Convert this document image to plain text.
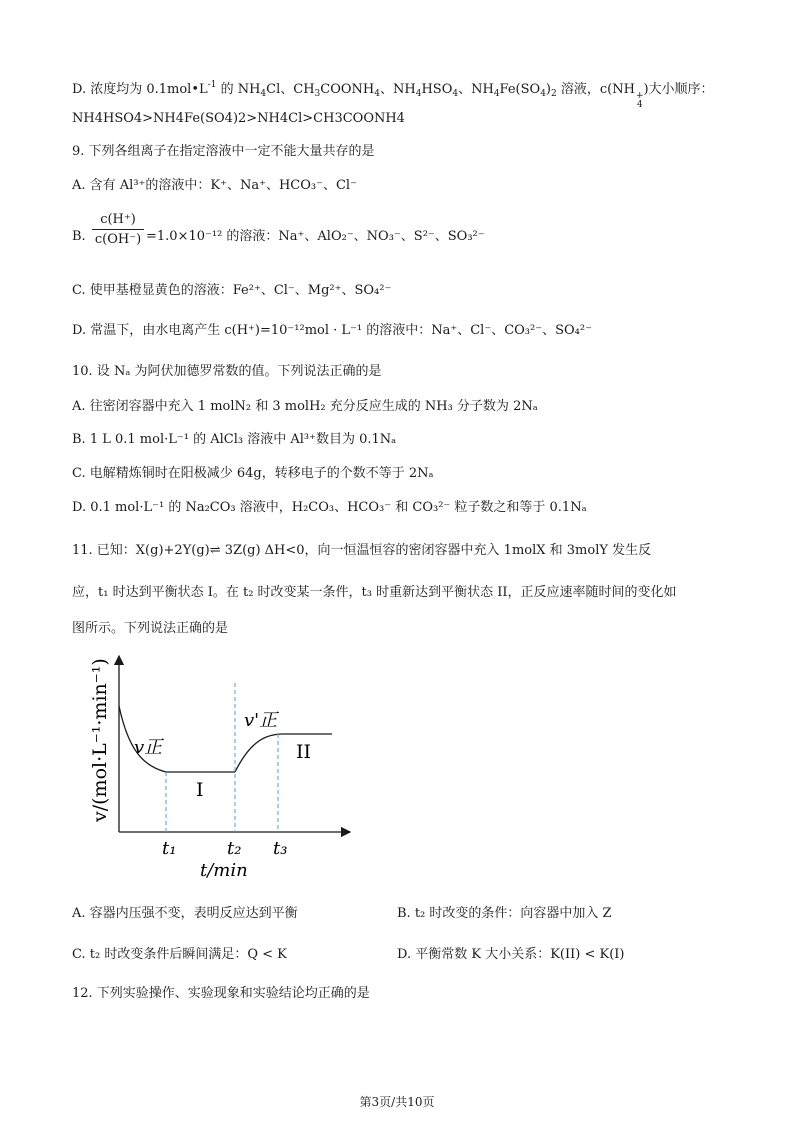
D. 浓度均为 $0.1mol•L^{-1}$ 的 $NH_4Cl$、$CH_3COONH_4$、$NH_4HSO_4$、$NH_4Fe(SO_4)_2$ 溶液，c(NH +
4
)大小顺序：
NH4HSO4>NH4Fe(SO4)2>NH4Cl>CH3COONH4
9. 下列各组离子在指定溶液中一定不能大量共存的是
A. 含有 Al³⁺的溶液中：K⁺、Na⁺、HCO₃⁻、Cl⁻
B. $\frac{c(H^+)}{c(OH^-)} =1.0\times 10^{-12}$ 的溶液：Na⁺、AlO₂⁻、NO₃⁻、S²⁻、SO₃²⁻
C. 使甲基橙显黄色的溶液：Fe²⁺、Cl⁻、Mg²⁺、SO₄²⁻
D. 常温下，由水电离产生 c(H⁺)=10⁻¹²mol · L⁻¹ 的溶液中：Na⁺、Cl⁻、CO₃²⁻、SO₄²⁻
10. 设 Nₐ 为阿伏加德罗常数的值。下列说法正确的是
A. 往密闭容器中充入 1 molN₂ 和 3 molH₂ 充分反应生成的 NH₃ 分子数为 2Nₐ
B. 1 L 0.1 mol·L⁻¹ 的 AlCl₃ 溶液中 Al³⁺数目为 0.1Nₐ
C. 电解精炼铜时在阳极减少 64g，转移电子的个数不等于 2Nₐ
D. 0.1 mol·L⁻¹ 的 Na₂CO₃ 溶液中，H₂CO₃、HCO₃⁻ 和 CO₃²⁻ 粒子数之和等于 0.1Nₐ
11. 已知：X(g)+2Y(g)⇌ 3Z(g) ΔH<0，向一恒温恒容的密闭容器中充入 1molX 和 3molY 发生反
应，t₁ 时达到平衡状态 I。在 t₂ 时改变某一条件，t₃ 时重新达到平衡状态 II，正反应速率随时间的变化如
图所示。下列说法正确的是
v/(mol·L⁻¹·min⁻¹)
t₁	t₂ t₃
t/min
v正
v'正
I
II
A. 容器内压强不变，表明反应达到平衡	B. t₂ 时改变的条件：向容器中加入 Z
C. t₂ 时改变条件后瞬间满足：Q < K	D. 平衡常数 K 大小关系：K(II) < K(I)
12. 下列实验操作、实验现象和实验结论均正确的是
第3页/共10页
